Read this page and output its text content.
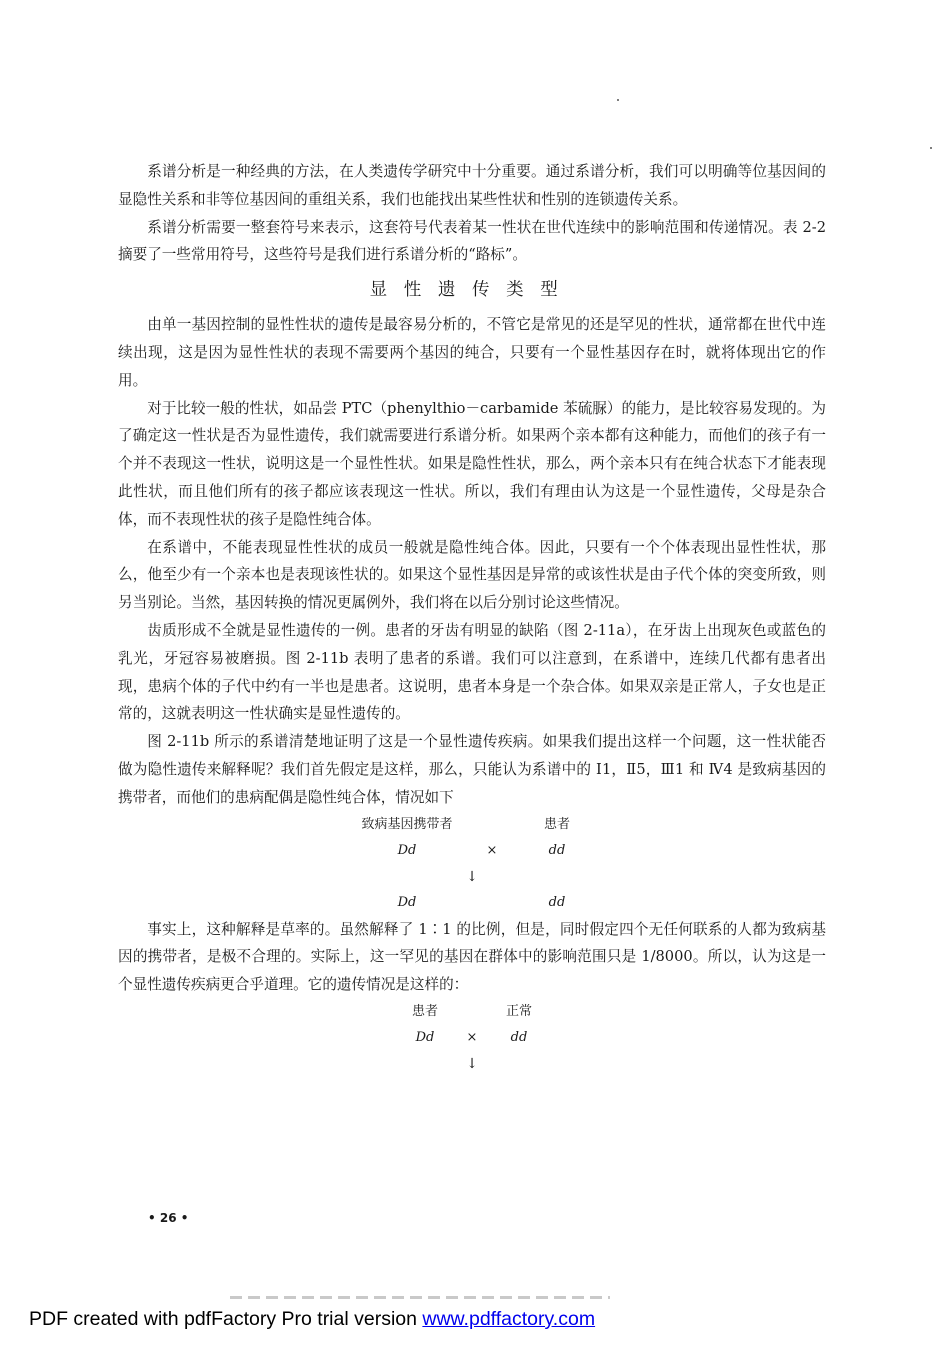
系谱分析是一种经典的方法，在人类遗传学研究中十分重要。通过系谱分析，我们可以明确等位基因间的显隐性关系和非等位基因间的重组关系，我们也能找出某些性状和性别的连锁遗传关系。

系谱分析需要一整套符号来表示，这套符号代表着某一性状在世代连续中的影响范围和传递情况。表 2-2 摘要了一些常用符号，这些符号是我们进行系谱分析的“路标”。

显性遗传类型

由单一基因控制的显性性状的遗传是最容易分析的，不管它是常见的还是罕见的性状，通常都在世代中连续出现，这是因为显性性状的表现不需要两个基因的纯合，只要有一个显性基因存在时，就将体现出它的作用。

对于比较一般的性状，如品尝 PTC（phenylthio－carbamide 苯硫脲）的能力，是比较容易发现的。为了确定这一性状是否为显性遗传，我们就需要进行系谱分析。如果两个亲本都有这种能力，而他们的孩子有一个并不表现这一性状，说明这是一个显性性状。如果是隐性性状，那么，两个亲本只有在纯合状态下才能表现此性状，而且他们所有的孩子都应该表现这一性状。所以，我们有理由认为这是一个显性遗传，父母是杂合体，而不表现性状的孩子是隐性纯合体。

在系谱中，不能表现显性性状的成员一般就是隐性纯合体。因此，只要有一个个体表现出显性性状，那么，他至少有一个亲本也是表现该性状的。如果这个显性基因是异常的或该性状是由子代个体的突变所致，则另当别论。当然，基因转换的情况更属例外，我们将在以后分别讨论这些情况。

齿质形成不全就是显性遗传的一例。患者的牙齿有明显的缺陷（图 2-11a），在牙齿上出现灰色或蓝色的乳光，牙冠容易被磨损。图 2-11b 表明了患者的系谱。我们可以注意到，在系谱中，连续几代都有患者出现，患病个体的子代中约有一半也是患者。这说明，患者本身是一个杂合体。如果双亲是正常人，子女也是正常的，这就表明这一性状确实是显性遗传的。

图 2-11b 所示的系谱清楚地证明了这是一个显性遗传疾病。如果我们提出这样一个问题，这一性状能否做为隐性遗传来解释呢？我们首先假定是这样，那么，只能认为系谱中的 Ⅰ1，Ⅱ5，Ⅲ1 和 Ⅳ4 是致病基因的携带者，而他们的患病配偶是隐性纯合体，情况如下

致病基因携带者	患者
Dd	×	dd
↓
Dd	dd

事实上，这种解释是草率的。虽然解释了 1∶1 的比例，但是，同时假定四个无任何联系的人都为致病基因的携带者，是极不合理的。实际上，这一罕见的基因在群体中的影响范围只是 1/8000。所以，认为这是一个显性遗传疾病更合乎道理。它的遗传情况是这样的：

患者	正常
Dd	×	dd
↓
• 26 •
PDF created with pdfFactory Pro trial version www.pdffactory.com
